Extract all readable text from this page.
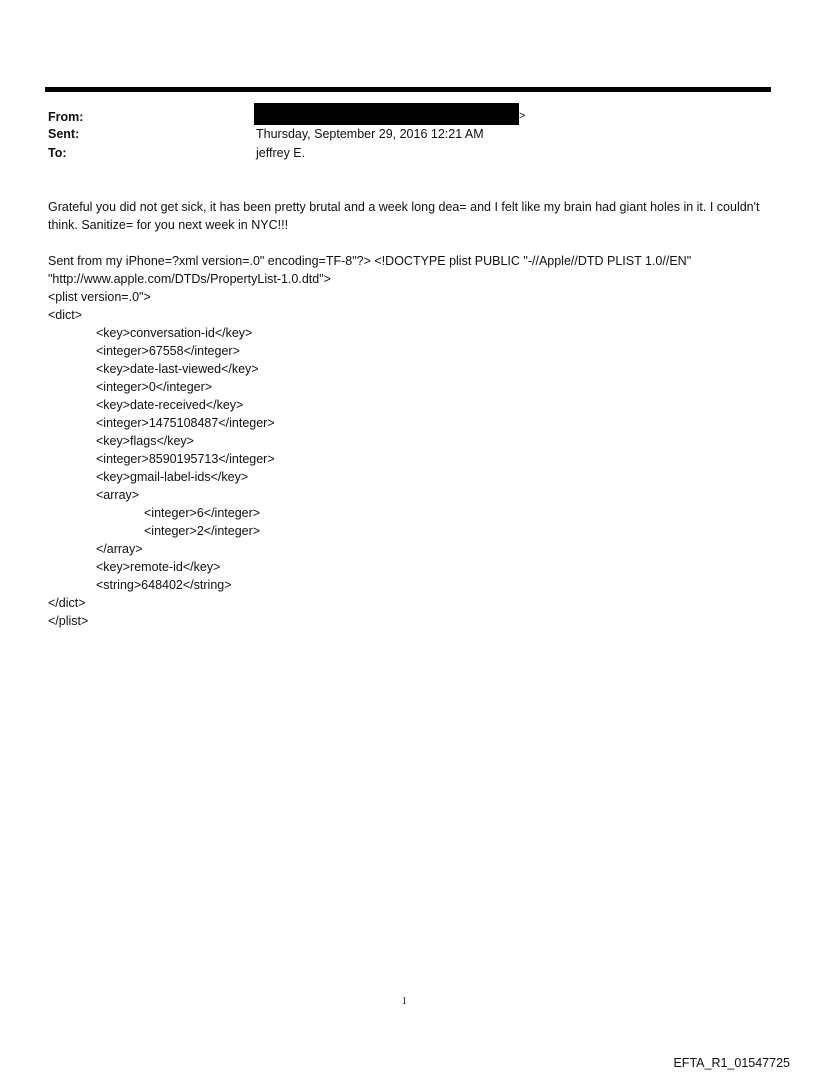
From:	>
Sent:	Thursday, September 29, 2016 12:21 AM
To:	jeffrey E.
Grateful you did not get sick, it has been pretty brutal and a week long dea= and I felt like my brain had giant holes in it. I couldn't think. Sanitize= for you next week in NYC!!!
Sent from my iPhone=?xml version=.0" encoding=TF-8"?> <!DOCTYPE plist PUBLIC "-//Apple//DTD PLIST 1.0//EN"
"http://www.apple.com/DTDs/PropertyList-1.0.dtd">
<plist version=.0">
<dict>
<key>conversation-id</key>
<integer>67558</integer>
<key>date-last-viewed</key>
<integer>0</integer>
<key>date-received</key>
<integer>1475108487</integer>
<key>flags</key>
<integer>8590195713</integer>
<key>gmail-label-ids</key>
<array>
<integer>6</integer>
<integer>2</integer>
</array>
<key>remote-id</key>
<string>648402</string>
</dict>
</plist>
1
EFTA_R1_01547725
